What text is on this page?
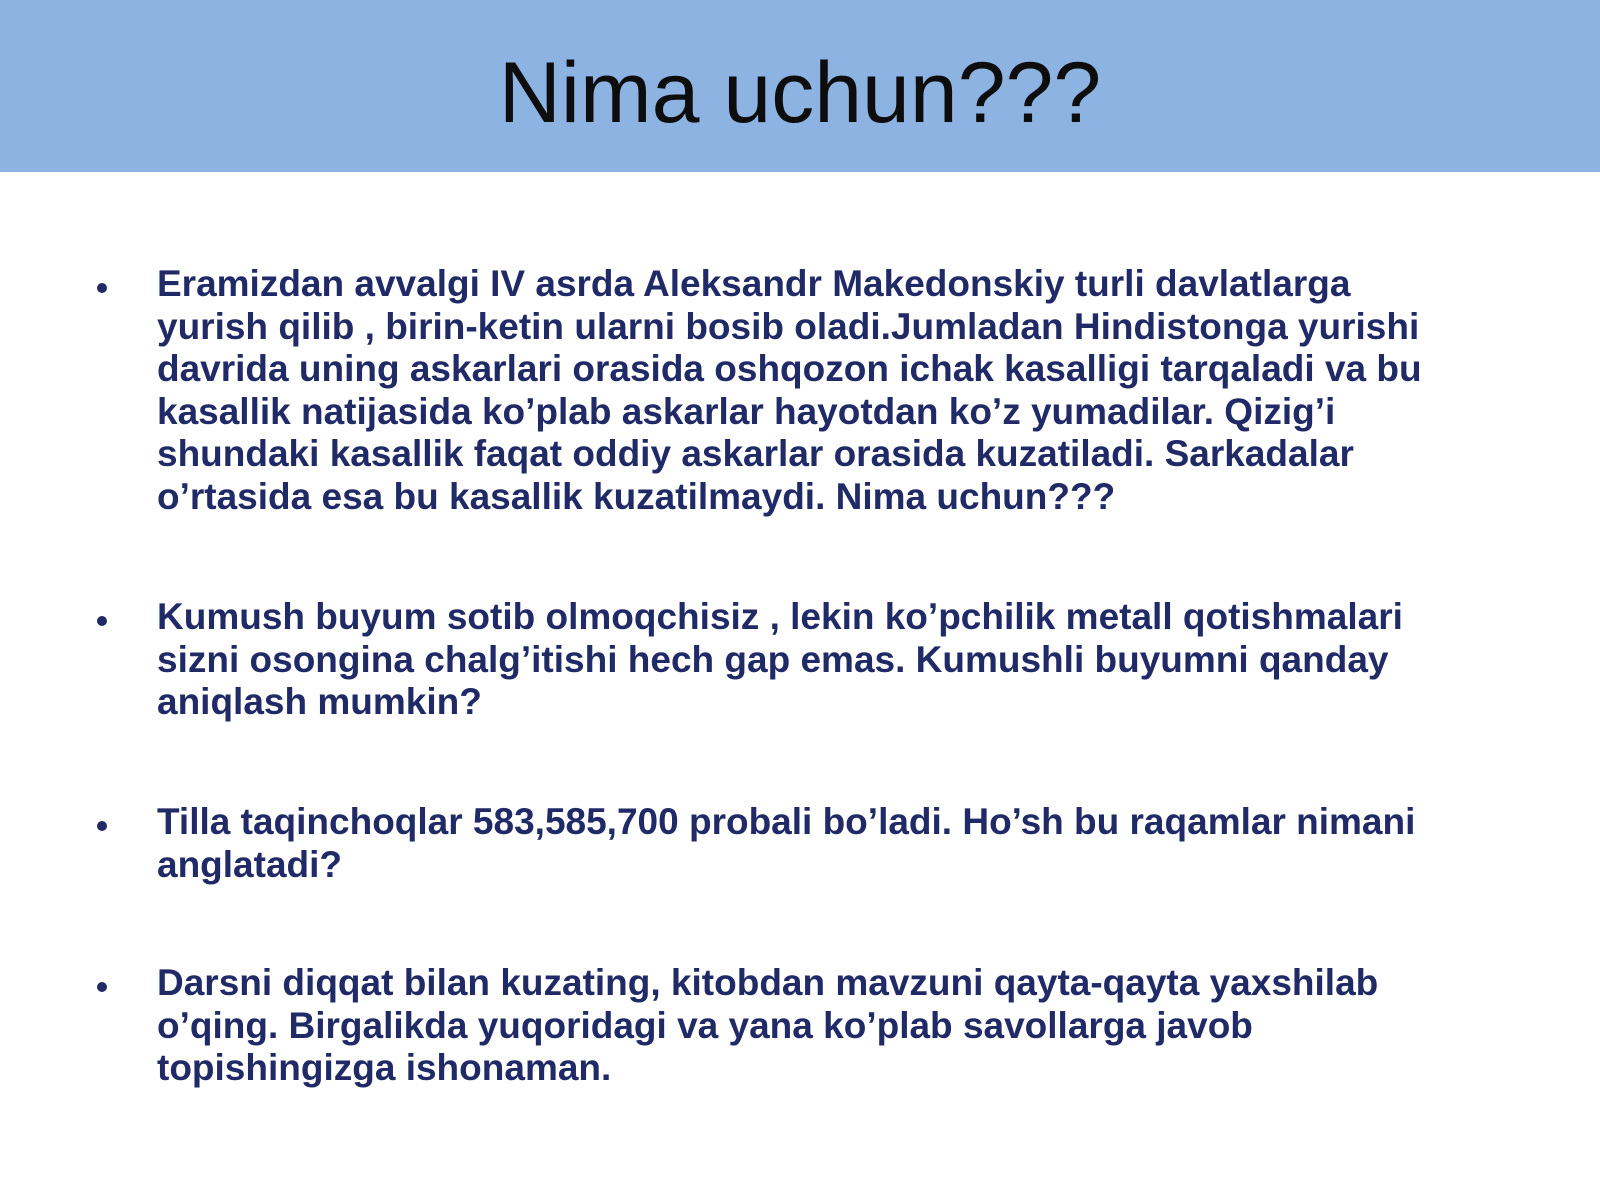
Nima uchun???
Eramizdan avvalgi IV asrda Aleksandr Makedonskiy turli davlatlarga
yurish qilib , birin-ketin ularni bosib oladi.Jumladan Hindistonga yurishi
davrida uning askarlari orasida oshqozon ichak kasalligi tarqaladi va bu
kasallik natijasida ko’plab askarlar hayotdan ko’z yumadilar. Qizig’i
shundaki kasallik faqat oddiy askarlar orasida kuzatiladi. Sarkadalar
o’rtasida esa bu kasallik kuzatilmaydi. Nima uchun???
Kumush buyum sotib olmoqchisiz , lekin ko’pchilik metall qotishmalari
sizni osongina chalg’itishi hech gap emas. Kumushli buyumni qanday
aniqlash mumkin?
Tilla taqinchoqlar 583,585,700 probali bo’ladi. Ho’sh bu raqamlar nimani
anglatadi?
Darsni diqqat bilan kuzating, kitobdan mavzuni qayta-qayta yaxshilab
o’qing. Birgalikda yuqoridagi va yana ko’plab savollarga javob
topishingizga ishonaman.
